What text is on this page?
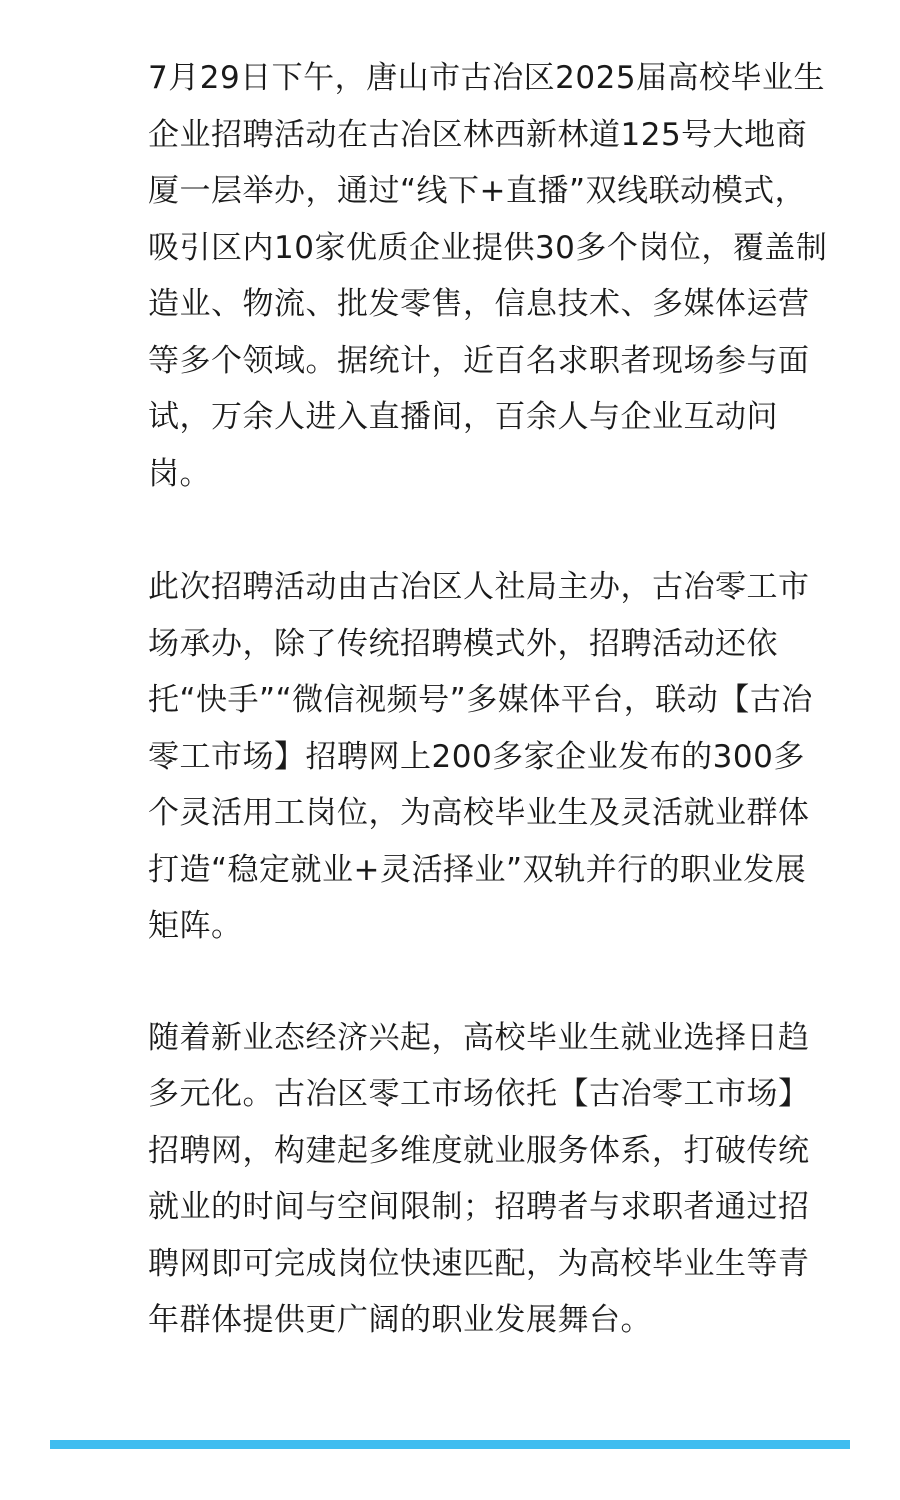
7月29日下午，唐山市古冶区2025届高校毕业生
企业招聘活动在古冶区林西新林道125号大地商
厦一层举办，通过“线下+直播”双线联动模式，
吸引区内10家优质企业提供30多个岗位，覆盖制
造业、物流、批发零售，信息技术、多媒体运营
等多个领域。据统计，近百名求职者现场参与面
试，万余人进入直播间，百余人与企业互动问
岗。

此次招聘活动由古冶区人社局主办，古冶零工市
场承办，除了传统招聘模式外，招聘活动还依
托“快手”“微信视频号”多媒体平台，联动【古冶
零工市场】招聘网上200多家企业发布的300多
个灵活用工岗位，为高校毕业生及灵活就业群体
打造“稳定就业+灵活择业”双轨并行的职业发展
矩阵。

随着新业态经济兴起，高校毕业生就业选择日趋
多元化。古冶区零工市场依托【古冶零工市场】
招聘网，构建起多维度就业服务体系，打破传统
就业的时间与空间限制；招聘者与求职者通过招
聘网即可完成岗位快速匹配，为高校毕业生等青
年群体提供更广阔的职业发展舞台。
